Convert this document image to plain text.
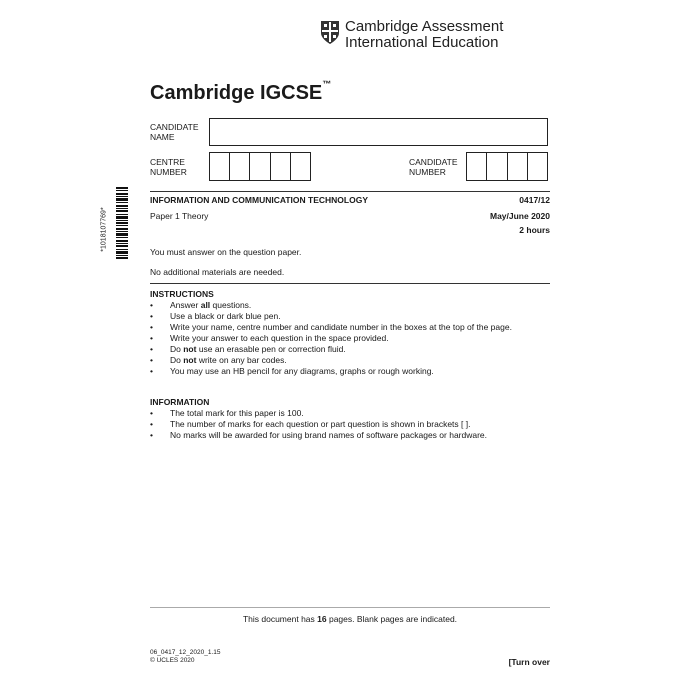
Cambridge Assessment
International Education
Cambridge IGCSE™
CANDIDATE
NAME
CENTRE
NUMBER
CANDIDATE
NUMBER
*1018107769*
INFORMATION AND COMMUNICATION TECHNOLOGY	0417/12
Paper 1 Theory	May/June 2020
2 hours
You must answer on the question paper.
No additional materials are needed.
INSTRUCTIONS
• Answer all questions.
• Use a black or dark blue pen.
• Write your name, centre number and candidate number in the boxes at the top of the page.
• Write your answer to each question in the space provided.
• Do not use an erasable pen or correction fluid.
• Do not write on any bar codes.
• You may use an HB pencil for any diagrams, graphs or rough working.
INFORMATION
• The total mark for this paper is 100.
• The number of marks for each question or part question is shown in brackets [ ].
• No marks will be awarded for using brand names of software packages or hardware.
This document has 16 pages. Blank pages are indicated.
06_0417_12_2020_1.15
© UCLES 2020	[Turn over
